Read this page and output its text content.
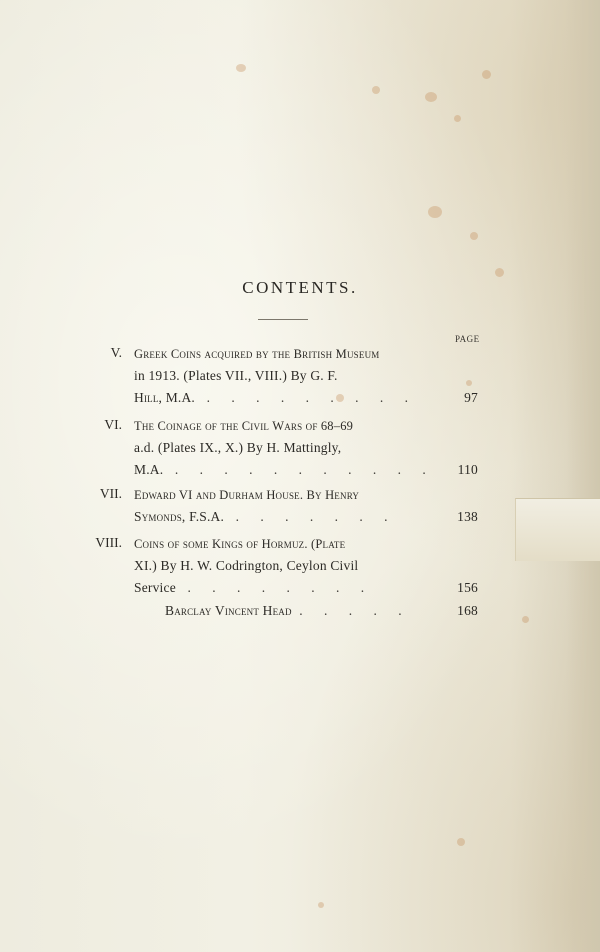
CONTENTS.
PAGE
V. Greek Coins acquired by the British Museum
in 1913. (Plates VII., VIII.) By G. F.
Hill, M.A. . . . . . . . . .	97
VI. The Coinage of the Civil Wars of 68–69
a.d. (Plates IX., X.) By H. Mattingly,
M.A. . . . . . . . . . . . 110
VII. Edward VI and Durham House. By Henry
Symonds, F.S.A. . . . . . . .	138
VIII. Coins of some Kings of Hormuz. (Plate
XI.) By H. W. Codrington, Ceylon Civil
Service . . . . . . . .	156
Barclay Vincent Head . . . . .	168
